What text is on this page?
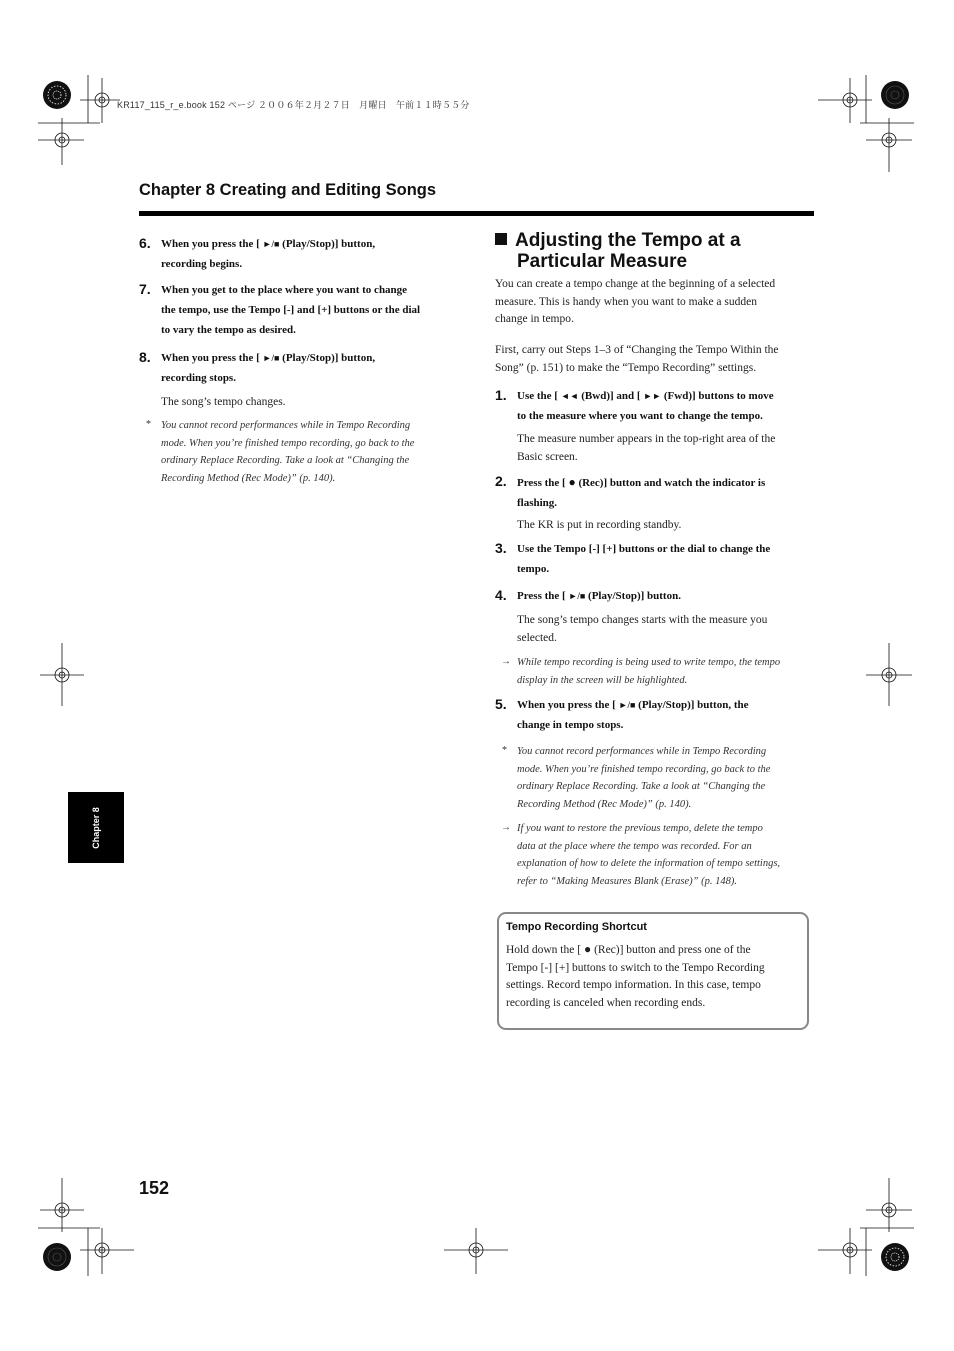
KR117_115_r_e.book 152 ページ ２００６年２月２７日　月曜日　午前１１時５５分
Chapter 8 Creating and Editing Songs
6. When you press the [ ►/■ (Play/Stop)] button,
recording begins.
7. When you get to the place where you want to change
the tempo, use the Tempo [-] and [+] buttons or the dial
to vary the tempo as desired.
8. When you press the [ ►/■ (Play/Stop)] button,
recording stops.
The song’s tempo changes.
* You cannot record performances while in Tempo Recording
mode. When you’re finished tempo recording, go back to the
ordinary Replace Recording. Take a look at “Changing the
Recording Method (Rec Mode)” (p. 140).
Adjusting the Tempo at a
Particular Measure
You can create a tempo change at the beginning of a selected
measure. This is handy when you want to make a sudden
change in tempo.
First, carry out Steps 1–3 of “Changing the Tempo Within the
Song” (p. 151) to make the “Tempo Recording” settings.
1. Use the [ ◄◄ (Bwd)] and [ ►► (Fwd)] buttons to move
to the measure where you want to change the tempo.
The measure number appears in the top-right area of the
Basic screen.
2. Press the [ ● (Rec)] button and watch the indicator is
flashing.
The KR is put in recording standby.
3. Use the Tempo [-] [+] buttons or the dial to change the
tempo.
4. Press the [ ►/■ (Play/Stop)] button.
The song’s tempo changes starts with the measure you
selected.
→ While tempo recording is being used to write tempo, the tempo
display in the screen will be highlighted.
5. When you press the [ ►/■ (Play/Stop)] button, the
change in tempo stops.
* You cannot record performances while in Tempo Recording
mode. When you’re finished tempo recording, go back to the
ordinary Replace Recording. Take a look at “Changing the
Recording Method (Rec Mode)” (p. 140).
→ If you want to restore the previous tempo, delete the tempo
data at the place where the tempo was recorded. For an
explanation of how to delete the information of tempo settings,
refer to “Making Measures Blank (Erase)” (p. 148).
Tempo Recording Shortcut
Hold down the [ ● (Rec)] button and press one of the
Tempo [-] [+] buttons to switch to the Tempo Recording
settings. Record tempo information. In this case, tempo
recording is canceled when recording ends.
Chapter 8
152
